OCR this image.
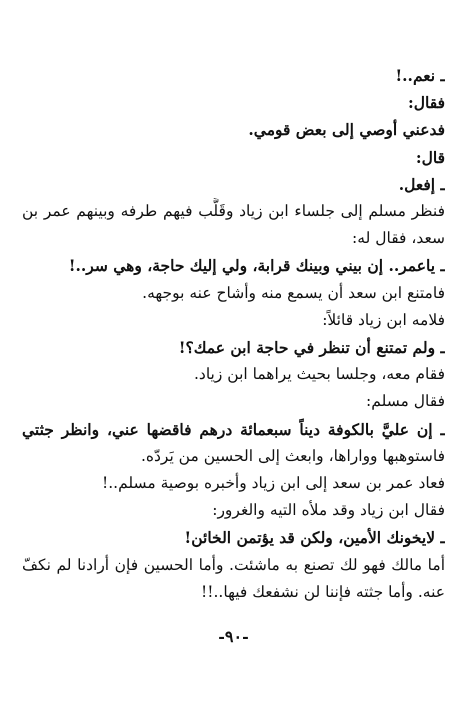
ـ نعم..!
فقال:
فدعني أوصي إلى بعض قومي.
قال:
ـ إفعل.
فنظر مسلم إلى جلساء ابن زياد وقَلَّب فيهم طرفه وبينهم عمر بن
سعد، فقال له:
ـ ياعمر.. إن بيني وبينك قرابة، ولي إليك حاجة، وهي سر..!
فامتنع ابن سعد أن يسمع منه وأشاح عنه بوجهه.
فلامه ابن زياد قائلاً:
ـ ولم تمتنع أن تنظر في حاجة ابن عمك؟!
فقام معه، وجلسا بحيث يراهما ابن زياد.
فقال مسلم:
ـ إن عليَّ بالكوفة ديناً سبعمائة درهم فاقضها عني، وانظر جثتي
فاستوهبها وواراها، وابعث إلى الحسين من يَردّه.
فعاد عمر بن سعد إلى ابن زياد وأخبره بوصية مسلم..!
فقال ابن زياد وقد ملأه التيه والغرور:
ـ لايخونك الأمين، ولكن قد يؤتمن الخائن!
أما مالك فهو لك تصنع به ماشئت. وأما الحسين فإن أرادنا لم نكفّ
عنه. وأما جثته فإننا لن نشفعك فيها..!!
-٩٠-
